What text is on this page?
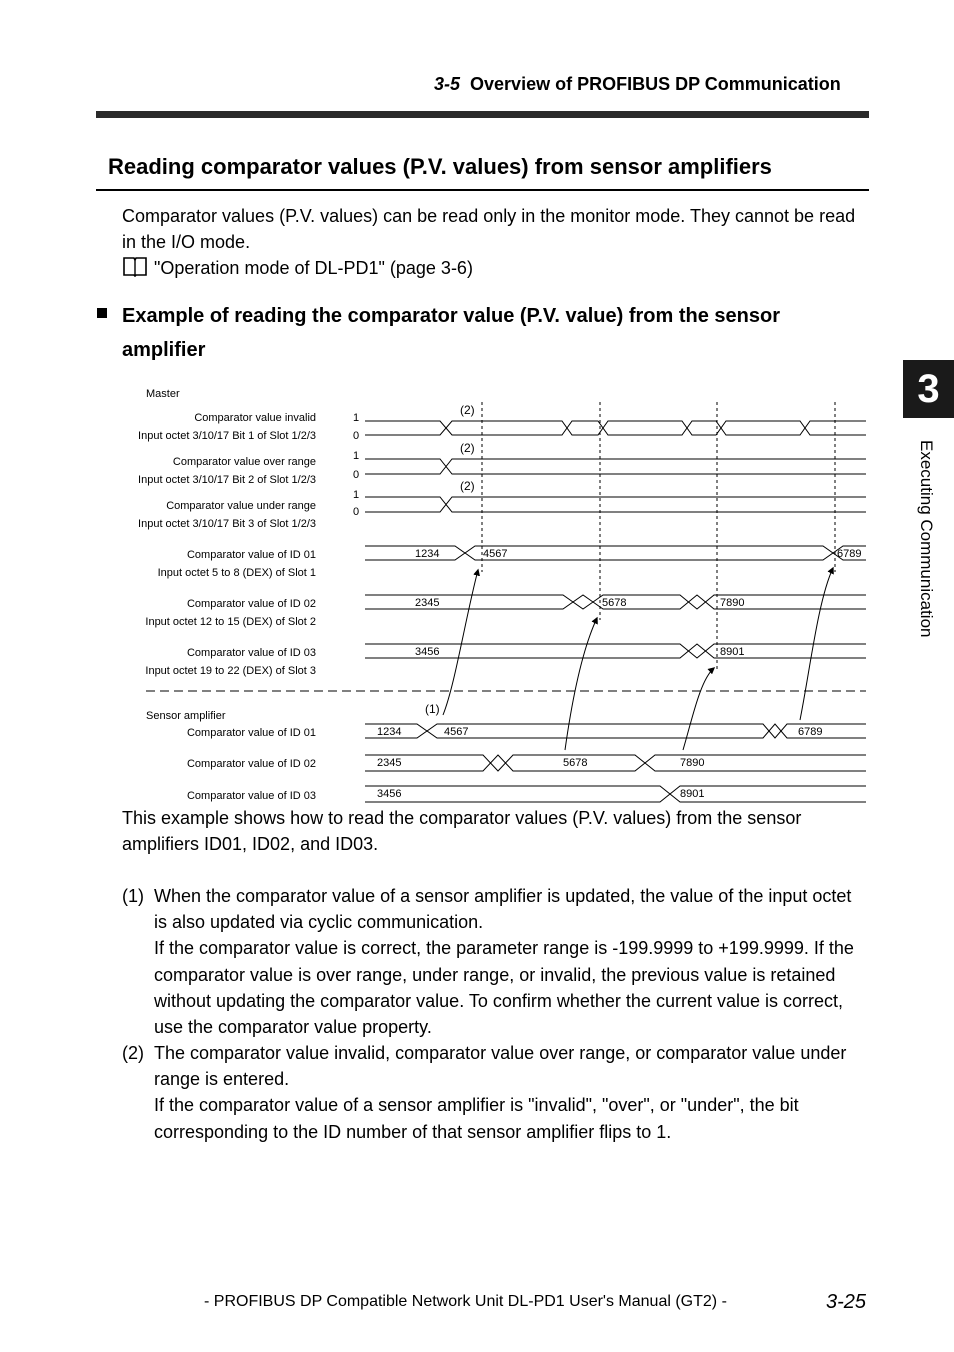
3-5 Overview of PROFIBUS DP Communication
Reading comparator values (P.V. values) from sensor amplifiers
Comparator values (P.V. values) can be read only in the monitor mode. They cannot be read in the I/O mode.
"Operation mode of DL-PD1" (page 3-6)
Example of reading the comparator value (P.V. value) from the sensor amplifier
Master
Comparator value invalid
Input octet 3/10/17 Bit 1 of Slot 1/2/3
Comparator value over range
Input octet 3/10/17 Bit 2 of Slot 1/2/3
Comparator value under range
Input octet 3/10/17 Bit 3 of Slot 1/2/3
1
0
1
0
1
0
(2)
(2)
(2)
Comparator value of ID 01
Input octet 5 to 8 (DEX) of Slot 1
Comparator value of ID 02
Input octet 12 to 15 (DEX) of Slot 2
Comparator value of ID 03
Input octet 19 to 22 (DEX) of Slot 3
Sensor amplifier
Comparator value of ID 01
Comparator value of ID 02
Comparator value of ID 03
1234	4567	6789
2345	5678	7890
3456	8901
1234	4567	6789
2345	5678	7890
3456	8901
(1)
This example shows how to read the comparator values (P.V. values) from the sensor amplifiers ID01, ID02, and ID03.
(1) When the comparator value of a sensor amplifier is updated, the value of the input octet is also updated via cyclic communication.
If the comparator value is correct, the parameter range is -199.9999 to +199.9999. If the comparator value is over range, under range, or invalid, the previous value is retained without updating the comparator value. To confirm whether the current value is correct, use the comparator value property.
(2) The comparator value invalid, comparator value over range, or comparator value under range is entered.
If the comparator value of a sensor amplifier is "invalid", "over", or "under", the bit corresponding to the ID number of that sensor amplifier flips to 1.
3
Executing Communication
- PROFIBUS DP Compatible Network Unit DL-PD1 User's Manual (GT2) -	3-25
